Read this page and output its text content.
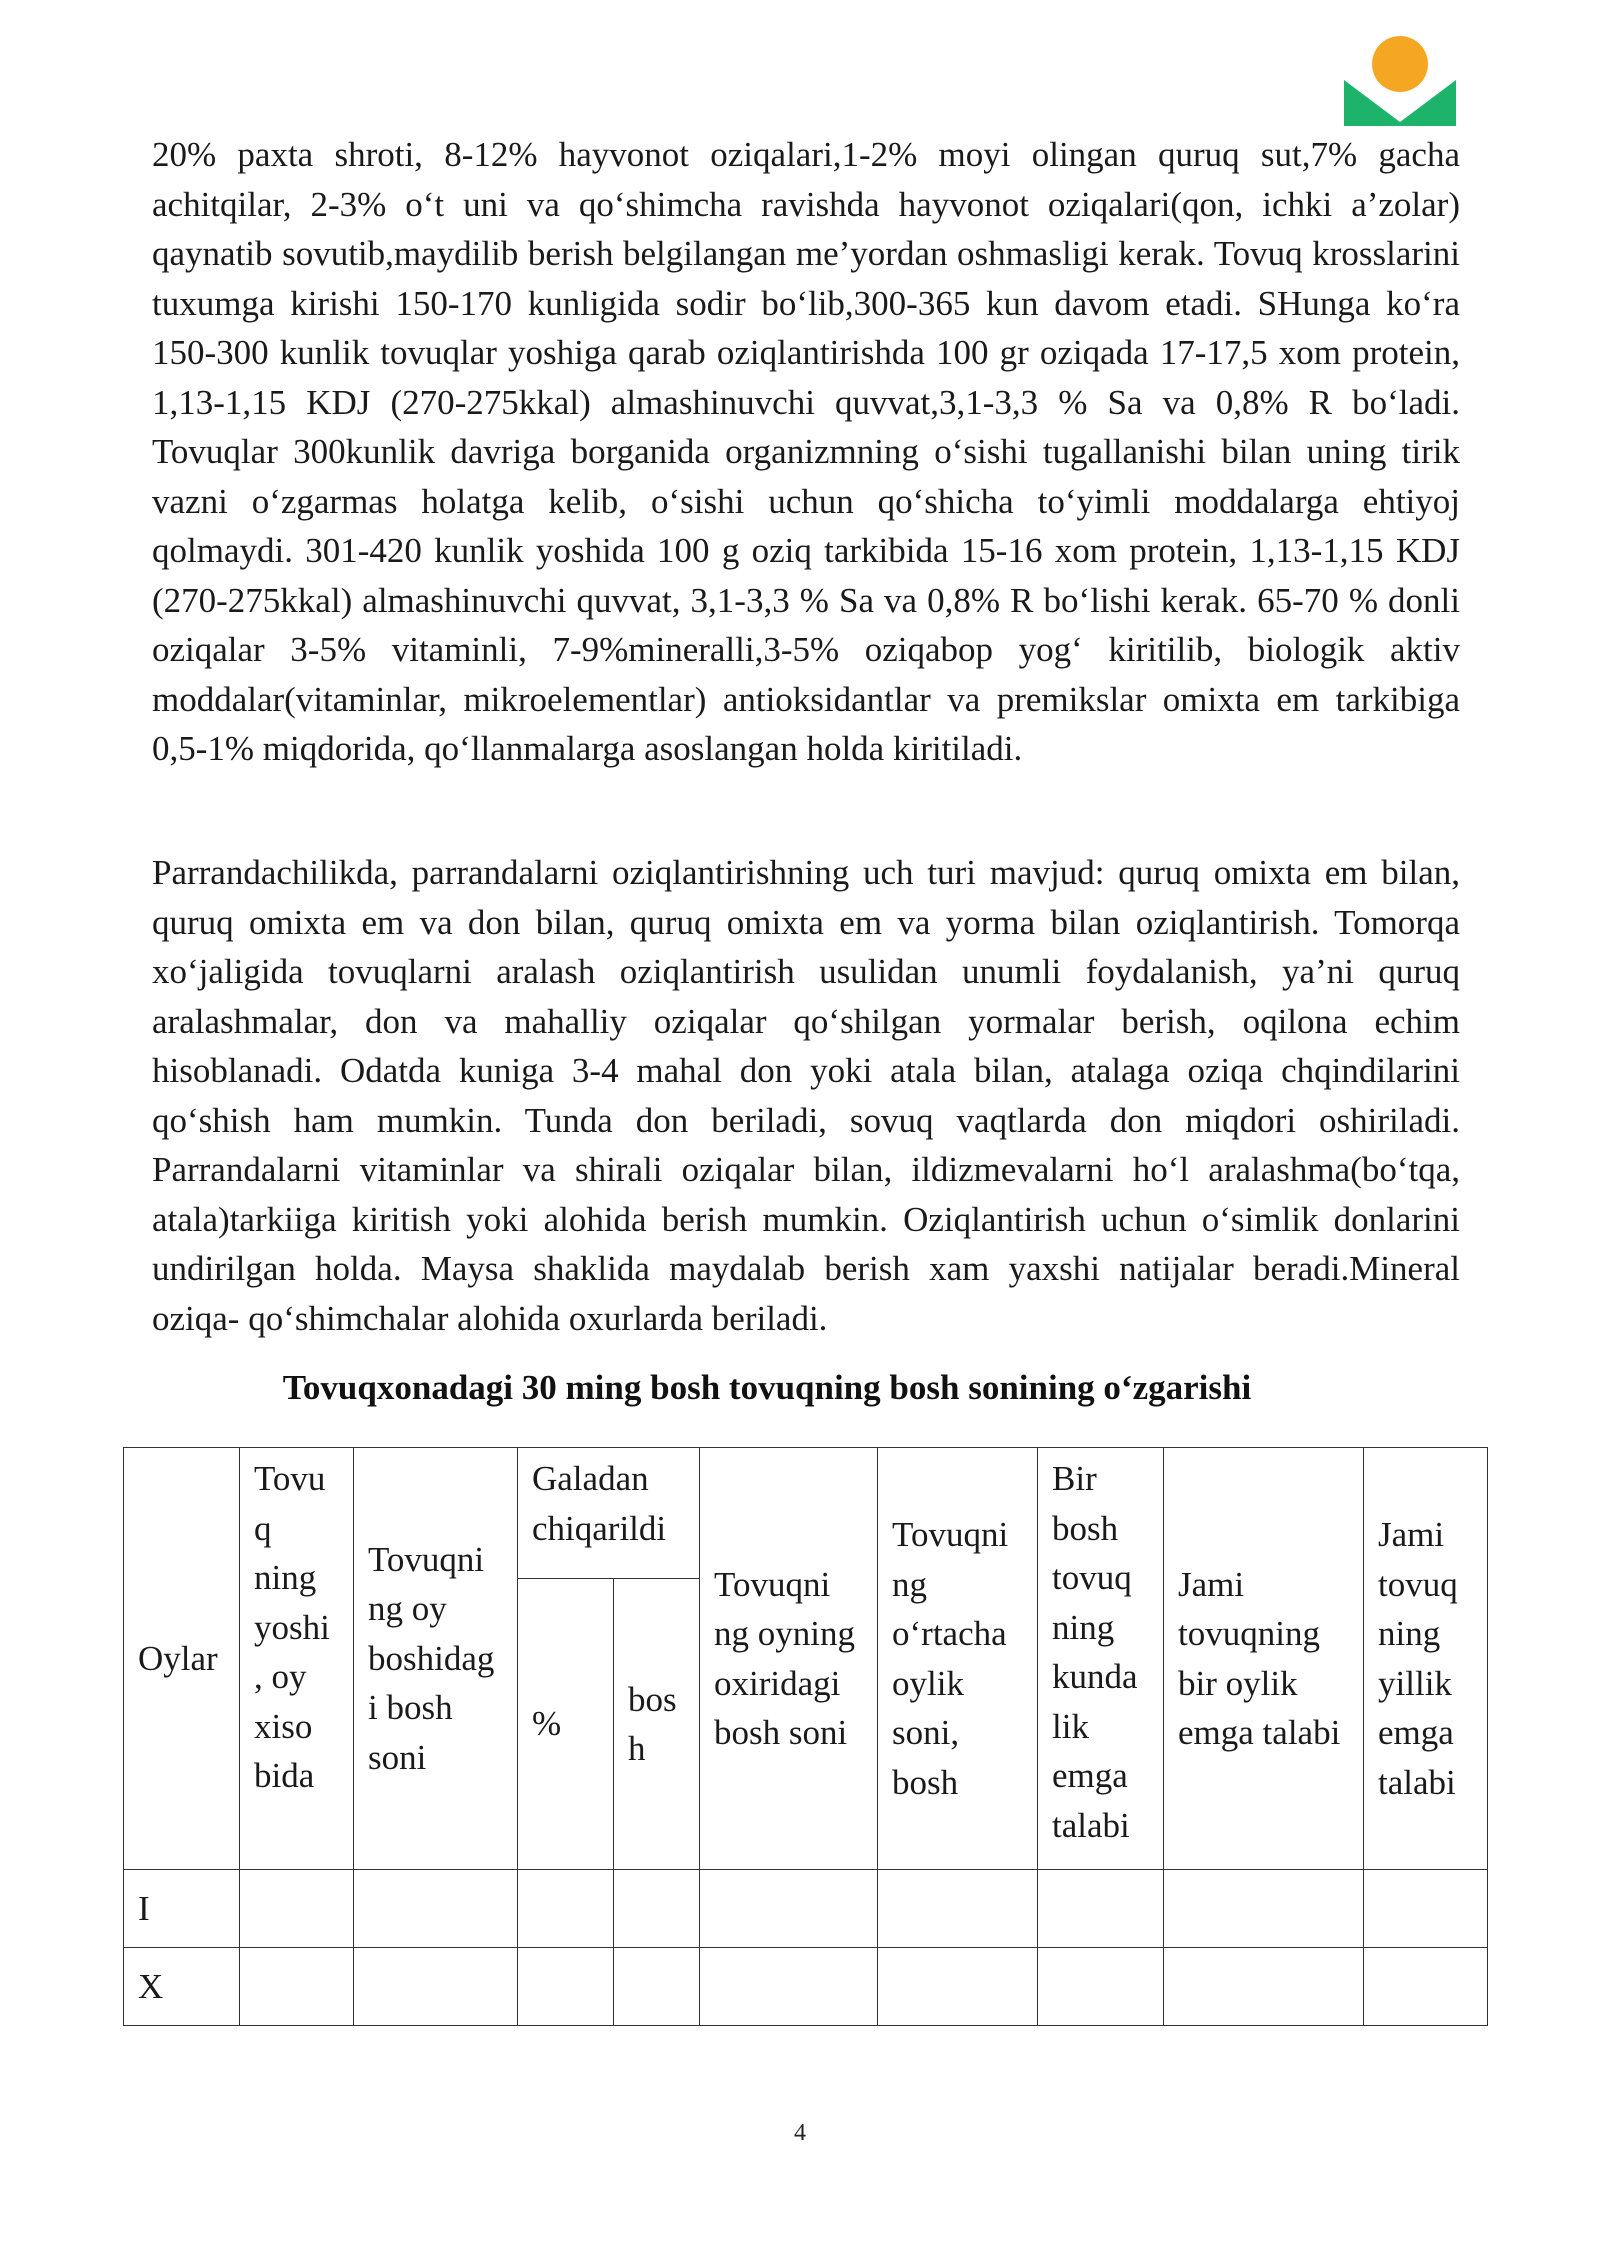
20% paxta shroti, 8-12% hayvonot oziqalari,1-2% moyi olingan quruq sut,7% gacha achitqilar, 2-3% o‘t uni va qo‘shimcha ravishda hayvonot oziqalari(qon, ichki a’zolar) qaynatib sovutib,maydilib berish belgilangan me’yordan oshmasligi kerak. Tovuq krosslarini tuxumga kirishi 150-170 kunligida sodir bo‘lib,300-365 kun davom etadi. SHunga ko‘ra 150-300 kunlik tovuqlar yoshiga qarab oziqlantirishda 100 gr oziqada 17-17,5 xom protein, 1,13-1,15 KDJ (270-275kkal) almashinuvchi quvvat,3,1-3,3 % Sa va 0,8% R bo‘ladi. Tovuqlar 300kunlik davriga borganida organizmning o‘sishi tugallanishi bilan uning tirik vazni o‘zgarmas holatga kelib, o‘sishi uchun qo‘shicha to‘yimli moddalarga ehtiyoj qolmaydi. 301-420 kunlik yoshida 100 g oziq tarkibida 15-16 xom protein, 1,13-1,15 KDJ (270-275kkal) almashinuvchi quvvat, 3,1-3,3 % Sa va 0,8% R bo‘lishi kerak. 65-70 % donli oziqalar 3-5% vitaminli, 7-9%mineralli,3-5% oziqabop yog‘ kiritilib, biologik aktiv moddalar(vitaminlar, mikroelementlar) antioksidantlar va premikslar omixta em tarkibiga 0,5-1% miqdorida, qo‘llanmalarga asoslangan holda kiritiladi.

Parrandachilikda, parrandalarni oziqlantirishning uch turi mavjud: quruq omixta em bilan, quruq omixta em va don bilan, quruq omixta em va yorma bilan oziqlantirish. Tomorqa xo‘jaligida tovuqlarni aralash oziqlantirish usulidan unumli foydalanish, ya’ni quruq aralashmalar, don va mahalliy oziqalar qo‘shilgan yormalar berish, oqilona echim hisoblanadi. Odatda kuniga 3-4 mahal don yoki atala bilan, atalaga oziqa chqindilarini qo‘shish ham mumkin. Tunda don beriladi, sovuq vaqtlarda don miqdori oshiriladi. Parrandalarni vitaminlar va shirali oziqalar bilan, ildizmevalarni ho‘l aralashma(bo‘tqa, atala)tarkiiga kiritish yoki alohida berish mumkin. Oziqlantirish uchun o‘simlik donlarini undirilgan holda. Maysa shaklida maydalab berish xam yaxshi natijalar beradi.Mineral oziqa- qo‘shimchalar alohida oxurlarda beriladi.

Tovuqxonadagi 30 ming bosh tovuqning bosh sonining o‘zgarishi

Oylar	Tovu q ning yoshi , oy xiso bida	Tovuqni ng oy boshidag i bosh soni	Galadan chiqarildi		Tovuqni ng oyning oxiridagi bosh soni	Tovuqni ng o‘rtacha oylik soni, bosh	Bir bosh tovuq ning kunda lik emga talabi	Jami tovuqning bir oylik emga talabi	Jami tovuq ning yillik emga talabi
			%	bos h					
I									
X									
4
